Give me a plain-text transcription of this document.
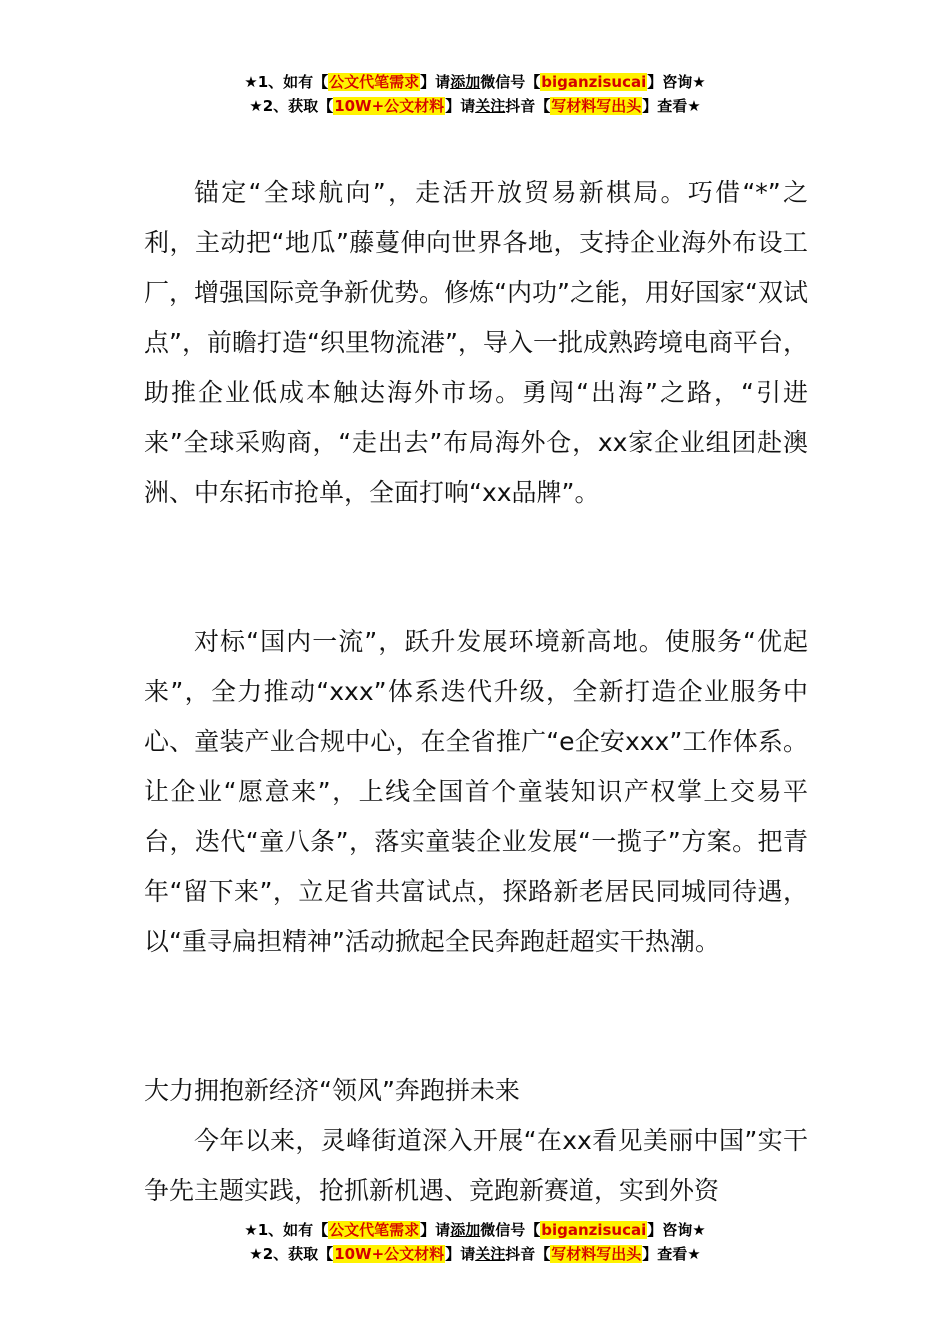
★1、如有【公文代笔需求】请添加微信号【biganzisucai】咨询★
★2、获取【10W+公文材料】请关注抖音【写材料写出头】查看★

锚定“全球航向”，走活开放贸易新棋局。巧借“*”之利，主动把“地瓜”藤蔓伸向世界各地，支持企业海外布设工厂，增强国际竞争新优势。修炼“内功”之能，用好国家“双试点”，前瞻打造“织里物流港”，导入一批成熟跨境电商平台，助推企业低成本触达海外市场。勇闯“出海”之路，“引进来”全球采购商，“走出去”布局海外仓，xx家企业组团赴澳洲、中东拓市抢单，全面打响“xx品牌”。

对标“国内一流”，跃升发展环境新高地。使服务“优起来”，全力推动“xxx”体系迭代升级，全新打造企业服务中心、童装产业合规中心，在全省推广“e企安xxx”工作体系。让企业“愿意来”，上线全国首个童装知识产权掌上交易平台，迭代“童八条”，落实童装企业发展“一揽子”方案。把青年“留下来”，立足省共富试点，探路新老居民同城同待遇，以“重寻扁担精神”活动掀起全民奔跑赶超实干热潮。

大力拥抱新经济“领风”奔跑拼未来

今年以来，灵峰街道深入开展“在xx看见美丽中国”实干争先主题实践，抢抓新机遇、竞跑新赛道，实到外资

★1、如有【公文代笔需求】请添加微信号【biganzisucai】咨询★
★2、获取【10W+公文材料】请关注抖音【写材料写出头】查看★
